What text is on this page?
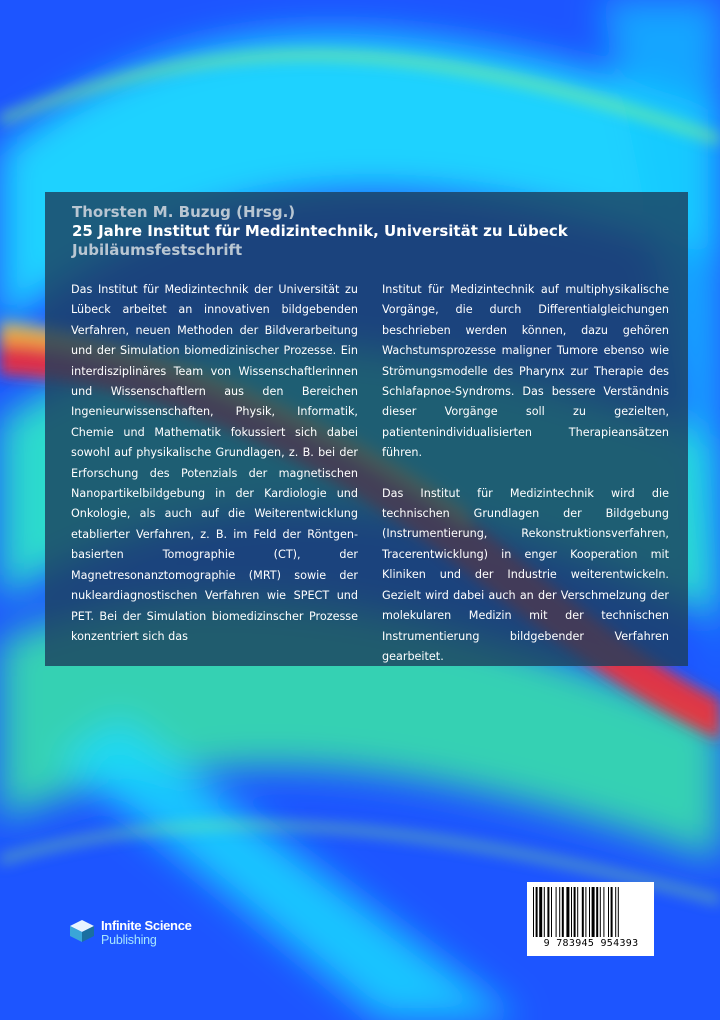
Thorsten M. Buzug (Hrsg.)
25 Jahre Institut für Medizintechnik, Universität zu Lübeck
Jubiläumsfestschrift

Das Institut für Medizintechnik der Universität zu Lübeck arbeitet an innovativen bildgebenden Verfahren, neuen Methoden der Bildverarbeitung und der Simulation biomedizinischer Prozesse. Ein interdisziplinäres Team von Wissenschaftlerinnen und Wissenschaftlern aus den Bereichen Ingenieurwissenschaften, Physik, Informatik, Chemie und Mathematik fokussiert sich dabei sowohl auf physikalische Grundlagen, z. B. bei der Erforschung des Potenzials der magnetischen Nanopartikelbildgebung in der Kardiologie und Onkologie, als auch auf die Weiterentwicklung etablierter Verfahren, z. B. im Feld der Röntgen-basierten Tomographie (CT), der Magnetresonanztomographie (MRT) sowie der nukleardiagnostischen Verfahren wie SPECT und PET. Bei der Simulation biomedizinscher Prozesse konzentriert sich das

Institut für Medizintechnik auf multiphysikalische Vorgänge, die durch Differentialgleichungen beschrieben werden können, dazu gehören Wachstumsprozesse maligner Tumore ebenso wie Strömungsmodelle des Pharynx zur Therapie des Schlafapnoe-Syndroms. Das bessere Verständnis dieser Vorgänge soll zu gezielten, patientenindividualisierten Therapieansätzen führen.

Das Institut für Medizintechnik wird die technischen Grundlagen der Bildgebung (Instrumentierung, Rekonstruktionsverfahren, Tracerentwicklung) in enger Kooperation mit Kliniken und der Industrie weiterentwickeln. Gezielt wird dabei auch an der Verschmelzung der molekularen Medizin mit der technischen Instrumentierung bildgebender Verfahren gearbeitet.

Infinite Science
Publishing	9 783945 954393
